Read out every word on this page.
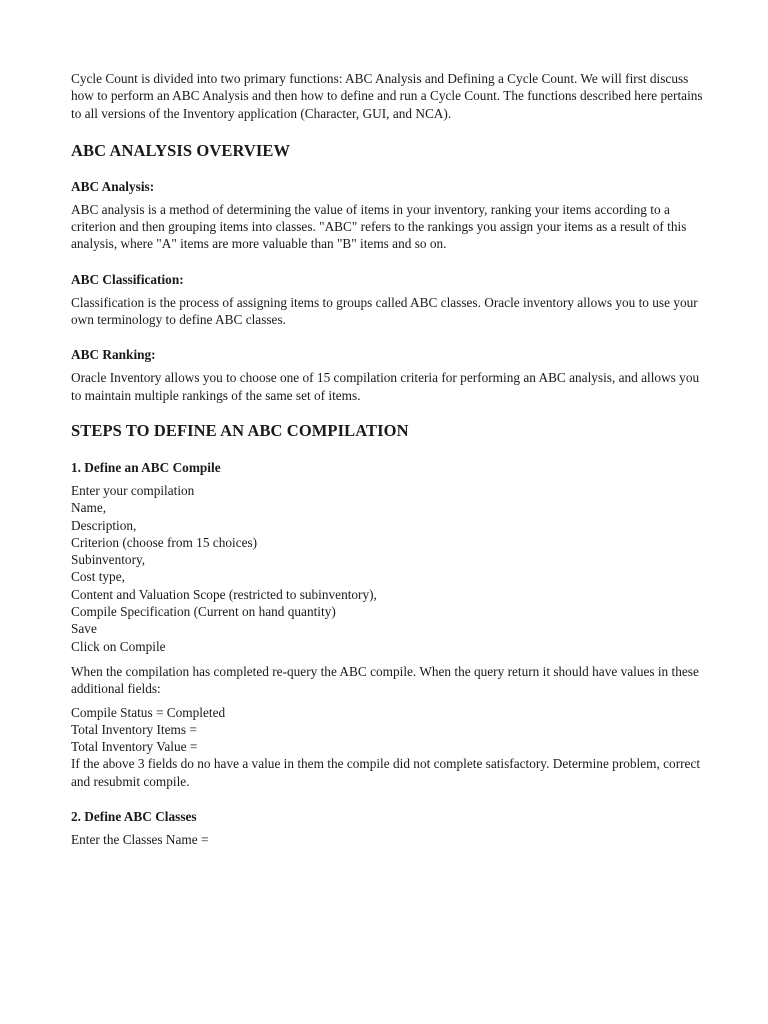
Cycle Count is divided into two primary functions: ABC Analysis and Defining a Cycle Count. We will first discuss how to perform an ABC Analysis and then how to define and run a Cycle Count. The functions described here pertains to all versions of the Inventory application (Character, GUI, and NCA).

ABC ANALYSIS OVERVIEW
ABC Analysis:

ABC analysis is a method of determining the value of items in your inventory, ranking your items according to a criterion and then grouping items into classes. "ABC" refers to the rankings you assign your items as a result of this analysis, where "A" items are more valuable than "B" items and so on.

ABC Classification:

Classification is the process of assigning items to groups called ABC classes. Oracle inventory allows you to use your own terminology to define ABC classes.

ABC Ranking:

Oracle Inventory allows you to choose one of 15 compilation criteria for performing an ABC analysis, and allows you to maintain multiple rankings of the same set of items.

STEPS TO DEFINE AN ABC COMPILATION
1. Define an ABC Compile
Enter your compilation
Name,
Description,
Criterion (choose from 15 choices)
Subinventory,
Cost type,
Content and Valuation Scope (restricted to subinventory),
Compile Specification (Current on hand quantity)
Save
Click on Compile

When the compilation has completed re-query the ABC compile. When the query return it should have values in these additional fields:

Compile Status = Completed
Total Inventory Items =
Total Inventory Value =
If the above 3 fields do no have a value in them the compile did not complete satisfactory. Determine problem, correct and resubmit compile.
2. Define ABC Classes

Enter the Classes Name =
